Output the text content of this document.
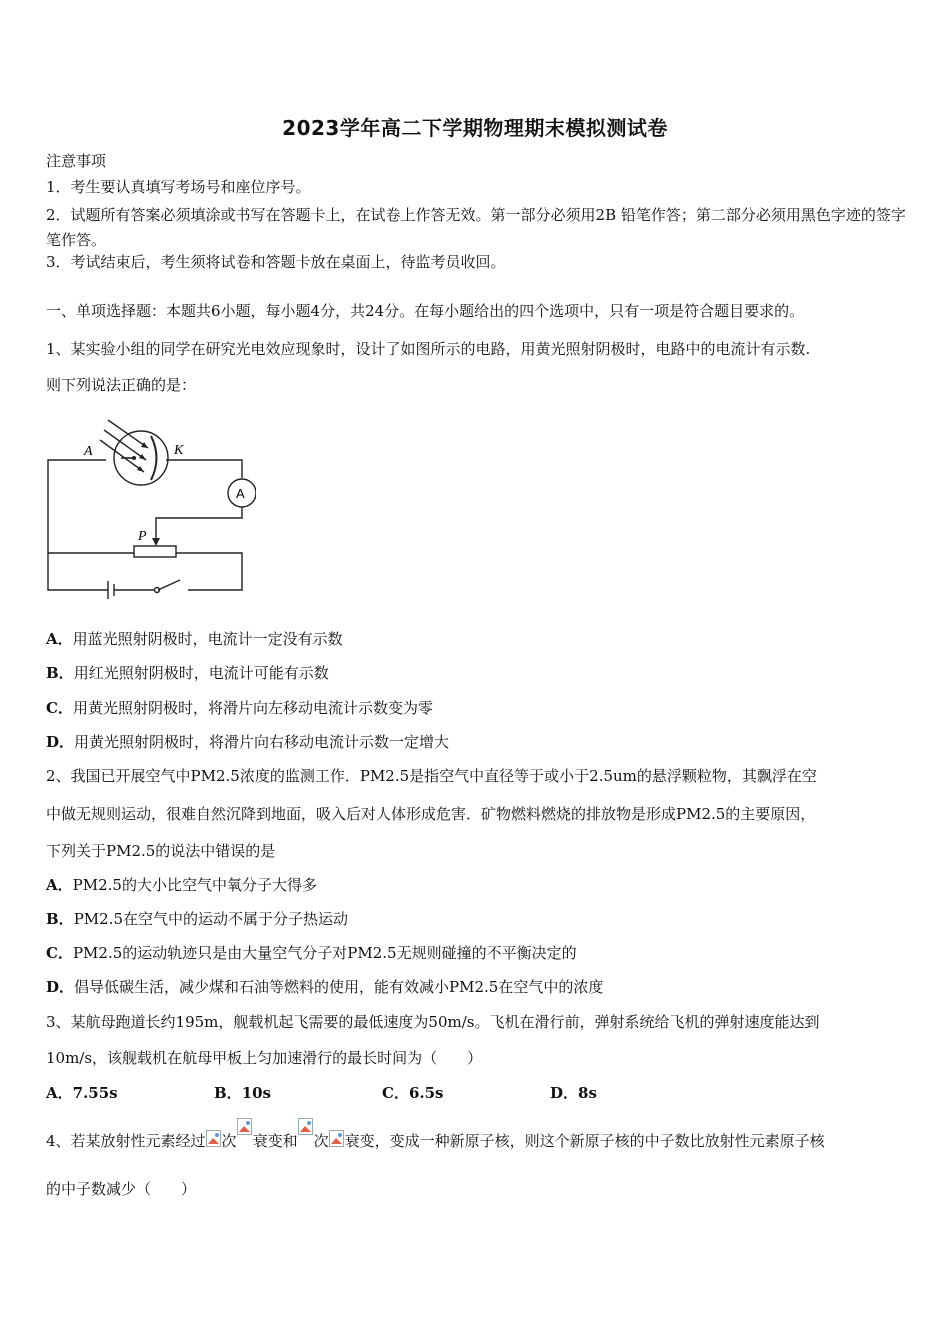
2023学年高二下学期物理期末模拟测试卷
注意事项
1．考生要认真填写考场号和座位序号。
2．试题所有答案必须填涂或书写在答题卡上，在试卷上作答无效。第一部分必须用2B 铅笔作答；第二部分必须用黑色字迹的签字笔作答。
3．考试结束后，考生须将试卷和答题卡放在桌面上，待监考员收回。
一、单项选择题：本题共6小题，每小题4分，共24分。在每小题给出的四个选项中，只有一项是符合题目要求的。
1、某实验小组的同学在研究光电效应现象时，设计了如图所示的电路，用黄光照射阴极时，电路中的电流计有示数.
则下列说法正确的是：
A	K
P
A
A．用蓝光照射阴极时，电流计一定没有示数
B．用红光照射阴极时，电流计可能有示数
C．用黄光照射阴极时，将滑片向左移动电流计示数变为零
D．用黄光照射阴极时，将滑片向右移动电流计示数一定增大
2、我国已开展空气中PM2.5浓度的监测工作．PM2.5是指空气中直径等于或小于2.5um的悬浮颗粒物，其飘浮在空
中做无规则运动，很难自然沉降到地面，吸入后对人体形成危害．矿物燃料燃烧的排放物是形成PM2.5的主要原因，
下列关于PM2.5的说法中错误的是
A．PM2.5的大小比空气中氧分子大得多
B．PM2.5在空气中的运动不属于分子热运动
C．PM2.5的运动轨迹只是由大量空气分子对PM2.5无规则碰撞的不平衡决定的
D．倡导低碳生活，减少煤和石油等燃料的使用，能有效减小PM2.5在空气中的浓度
3、某航母跑道长约195m，舰载机起飞需要的最低速度为50m/s。飞机在滑行前，弹射系统给飞机的弹射速度能达到
10m/s，该舰载机在航母甲板上匀加速滑行的最长时间为（　　）
A．7.55s	B．10s	C．6.5s	D．8s
4、若某放射性元素经过 次 衰变和 次 衰变，变成一种新原子核，则这个新原子核的中子数比放射性元素原子核
的中子数减少（　　）
